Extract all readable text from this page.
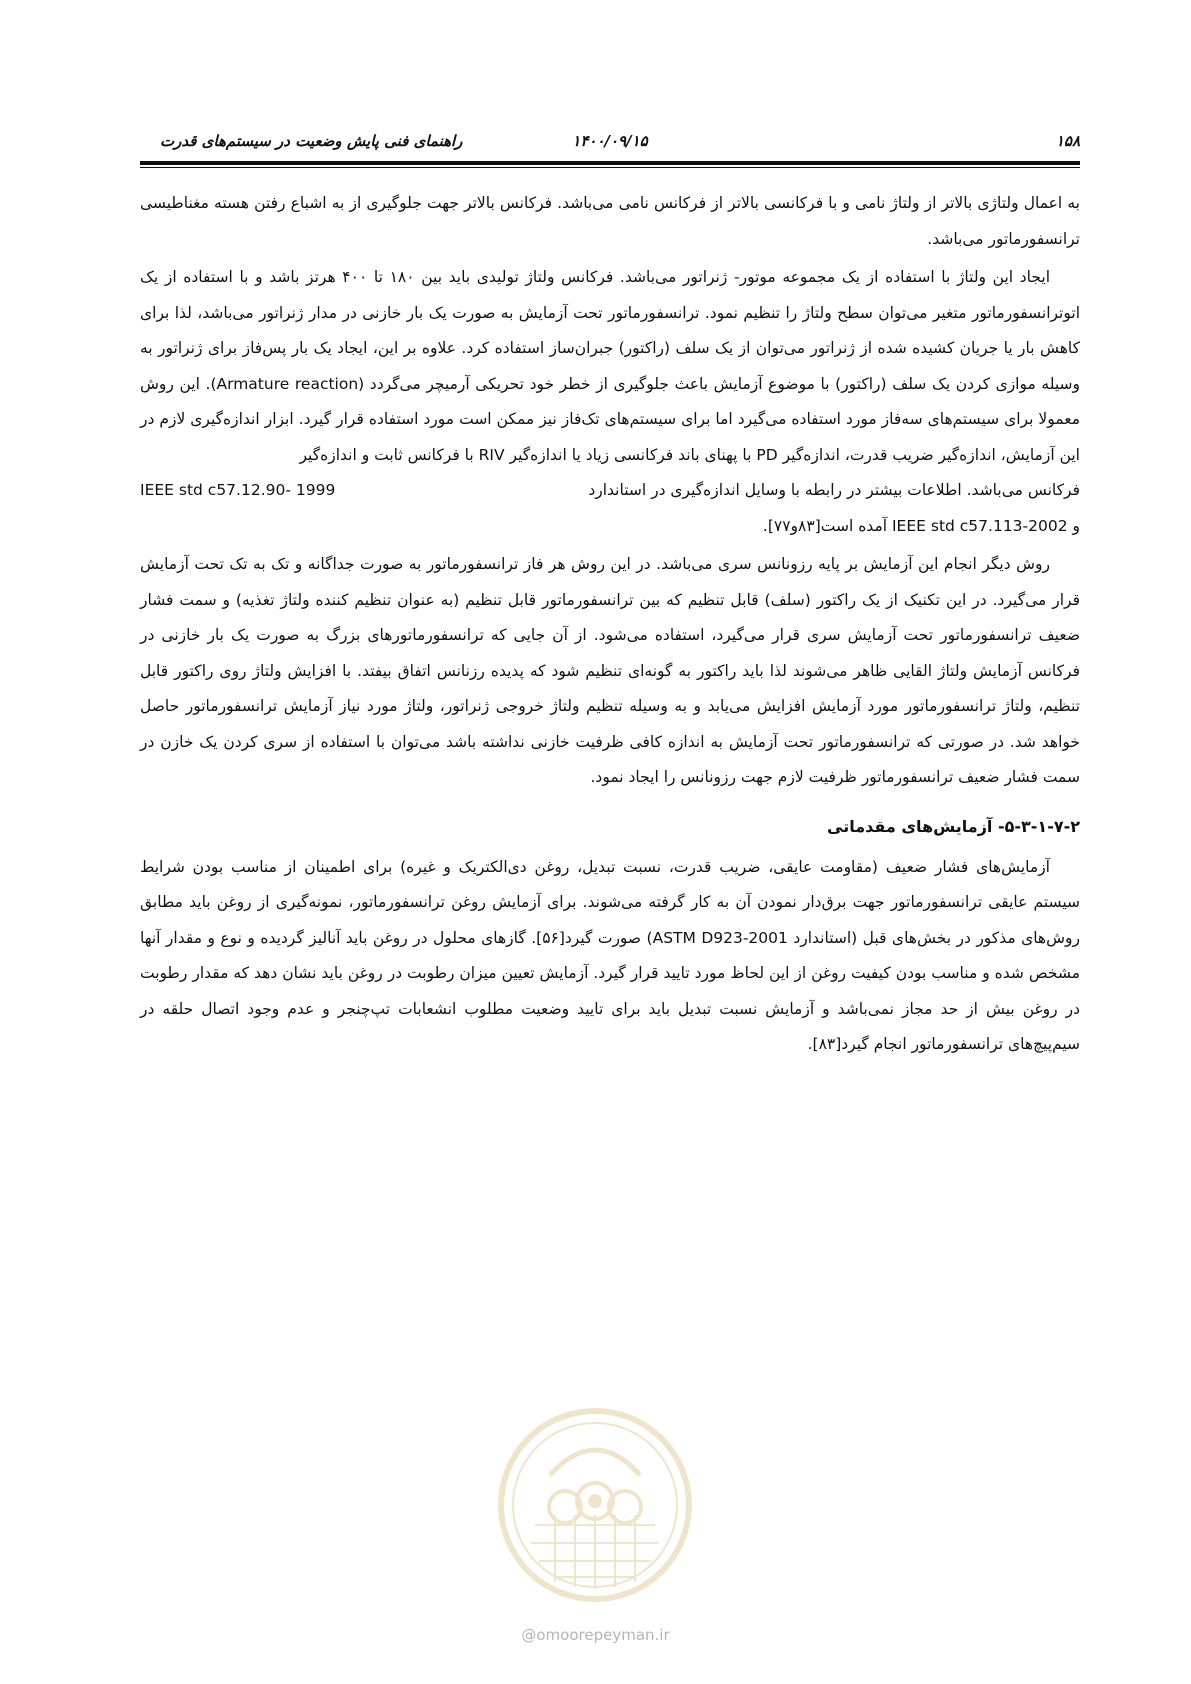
۱۵۸
۱۴۰۰/۰۹/۱۵
راهنمای فنی پایش وضعیت در سیستم‌های قدرت

به اعمال ولتاژی بالاتر از ولتاژ نامی و با فرکانسی بالاتر از فرکانس نامی می‌باشد. فرکانس بالاتر جهت جلوگیری از به اشباع رفتن هسته مغناطیسی ترانسفورماتور می‌باشد.

ایجاد این ولتاژ با استفاده از یک مجموعه موتور- ژنراتور می‌باشد. فرکانس ولتاژ تولیدی باید بین ۱۸۰ تا ۴۰۰ هرتز باشد و با استفاده از یک اتوترانسفورماتور متغیر می‌توان سطح ولتاژ را تنظیم نمود. ترانسفورماتور تحت آزمایش به صورت یک بار خازنی در مدار ژنراتور می‌باشد، لذا برای کاهش بار یا جریان کشیده شده از ژنراتور می‌توان از یک سلف (راکتور) جبران‌ساز استفاده کرد. علاوه بر این، ایجاد یک بار پس‌فاز برای ژنراتور به وسیله موازی کردن یک سلف (راکتور) با موضوع آزمایش باعث جلوگیری از خطر خود تحریکی آرمیچر می‌گردد (Armature reaction). این روش معمولا برای سیستم‌های سه‌فاز مورد استفاده می‌گیرد اما برای سیستم‌های تک‌فاز نیز ممکن است مورد استفاده قرار گیرد. ابزار اندازه‌گیری لازم در این آزمایش، اندازه‌گیر ضریب قدرت، اندازه‌گیر PD با پهنای باند فرکانسی زیاد یا اندازه‌گیر RIV با فرکانس ثابت و اندازه‌گیر

فرکانس می‌باشد. اطلاعات بیشتر در رابطه با وسایل اندازه‌گیری در استاندارد
IEEE std c57.12.90- 1999

و IEEE std c57.113-2002 آمده است[۸۳و۷۷].

روش دیگر انجام این آزمایش بر پایه رزونانس سری می‌باشد. در این روش هر فاز ترانسفورماتور به صورت جداگانه و تک به تک تحت آزمایش قرار می‌گیرد. در این تکنیک از یک راکتور (سلف) قابل تنظیم که بین ترانسفورماتور قابل تنظیم (به عنوان تنظیم کننده ولتاژ تغذیه) و سمت فشار ضعیف ترانسفورماتور تحت آزمایش سری قرار می‌گیرد، استفاده می‌شود. از آن جایی که ترانسفورماتورهای بزرگ به صورت یک بار خازنی در فرکانس آزمایش ولتاژ القایی ظاهر می‌شوند لذا باید راکتور به گونه‌ای تنظیم شود که پدیده رزنانس اتفاق بیفتد. با افزایش ولتاژ روی راکتور قابل تنظیم، ولتاژ ترانسفورماتور مورد آزمایش افزایش می‌یابد و به وسیله تنظیم ولتاژ خروجی ژنراتور، ولتاژ مورد نیاز آزمایش ترانسفورماتور حاصل خواهد شد. در صورتی که ترانسفورماتور تحت آزمایش به اندازه کافی ظرفیت خازنی نداشته باشد می‌توان با استفاده از سری کردن یک خازن در سمت فشار ضعیف ترانسفورماتور ظرفیت لازم جهت رزونانس را ایجاد نمود.

۵-۳-۱-۷-۲- آزمایش‌های مقدماتی

آزمایش‌های فشار ضعیف (مقاومت عایقی، ضریب قدرت، نسبت تبدیل، روغن دی‌الکتریک و غیره) برای اطمینان از مناسب بودن شرایط سیستم عایقی ترانسفورماتور جهت برق‌دار نمودن آن به کار گرفته می‌شوند. برای آزمایش روغن ترانسفورماتور، نمونه‌گیری از روغن باید مطابق روش‌های مذکور در بخش‌های قبل (استاندارد ASTM D923-2001) صورت گیرد[۵۶]. گازهای محلول در روغن باید آنالیز گردیده و نوع و مقدار آنها مشخص شده و مناسب بودن کیفیت روغن از این لحاظ مورد تایید قرار گیرد. آزمایش تعیین میزان رطوبت در روغن باید نشان دهد که مقدار رطوبت در روغن بیش از حد مجاز نمی‌باشد و آزمایش نسبت تبدیل باید برای تایید وضعیت مطلوب انشعابات تپ‌چنجر و عدم وجود اتصال حلقه در سیم‌پیچ‌های ترانسفورماتور انجام گیرد[۸۳].

@omoorepeyman.ir
